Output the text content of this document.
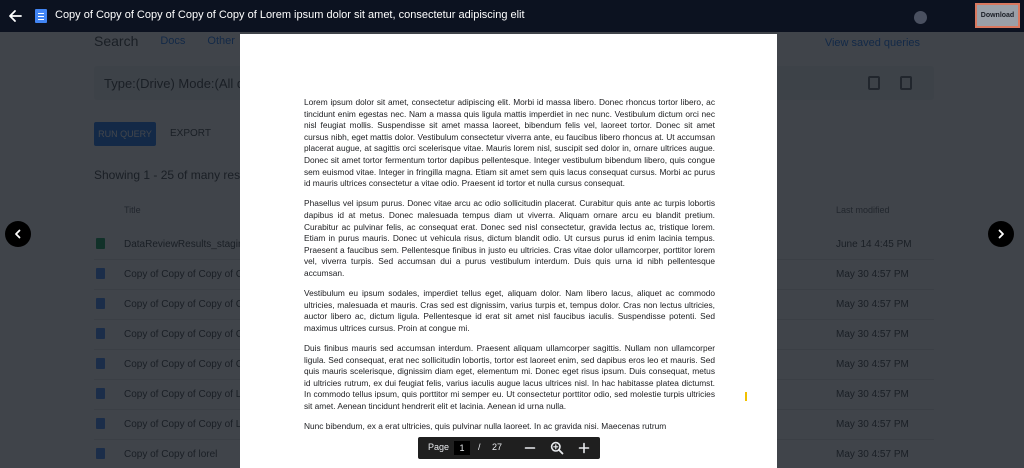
Copy of Copy of Copy of Copy of Copy of Lorem ipsum dolor sit amet, consectetur adipiscing elit	Download

Lorem ipsum dolor sit amet, consectetur adipiscing elit. Morbi id massa libero. Donec rhoncus tortor libero, ac tincidunt enim egestas nec. Nam a massa quis ligula mattis imperdiet in nec nunc. Vestibulum dictum orci nec nisl feugiat mollis. Suspendisse sit amet massa laoreet, bibendum felis vel, laoreet tortor. Donec sit amet cursus nibh, eget mattis dolor. Vestibulum consectetur viverra ante, eu faucibus libero rhoncus at. Ut accumsan placerat augue, at sagittis orci scelerisque vitae. Mauris lorem nisl, suscipit sed dolor in, ornare ultrices augue. Donec sit amet tortor fermentum tortor dapibus pellentesque. Integer vestibulum bibendum libero, quis congue sem euismod vitae. Integer in fringilla magna. Etiam sit amet sem quis lacus consequat cursus. Morbi ac purus id mauris ultrices consectetur a vitae odio. Praesent id tortor et nulla cursus consequat.

Phasellus vel ipsum purus. Donec vitae arcu ac odio sollicitudin placerat. Curabitur quis ante ac turpis lobortis dapibus id at metus. Donec malesuada tempus diam ut viverra. Aliquam ornare arcu eu blandit pretium. Curabitur ac pulvinar felis, ac consequat erat. Donec sed nisl consectetur, gravida lectus ac, tristique lorem. Etiam in purus mauris. Donec ut vehicula risus, dictum blandit odio. Ut cursus purus id enim lacinia tempus. Praesent a faucibus sem. Pellentesque finibus in justo eu ultricies. Cras vitae dolor ullamcorper, porttitor lorem vel, viverra turpis. Sed accumsan dui a purus vestibulum interdum. Duis quis urna id nibh pellentesque accumsan.

Vestibulum eu ipsum sodales, imperdiet tellus eget, aliquam dolor. Nam libero lacus, aliquet ac commodo ultricies, malesuada et mauris. Cras sed est dignissim, varius turpis et, tempus dolor. Cras non lectus ultricies, auctor libero ac, dictum ligula. Pellentesque id erat sit amet nisl faucibus iaculis. Suspendisse potenti. Sed maximus ultrices cursus. Proin at congue mi.

Duis finibus mauris sed accumsan interdum. Praesent aliquam ullamcorper sagittis. Nullam non ullamcorper ligula. Sed consequat, erat nec sollicitudin lobortis, tortor est laoreet enim, sed dapibus eros leo et mauris. Sed quis mauris scelerisque, dignissim diam eget, elementum mi. Donec eget risus ipsum. Duis consequat, metus id ultricies rutrum, ex dui feugiat felis, varius iaculis augue lacus ultrices nisl. In hac habitasse platea dictumst. In commodo tellus ipsum, quis porttitor mi semper eu. Ut consectetur porttitor odio, sed molestie turpis ultricies sit amet. Aenean tincidunt hendrerit elit et lacinia. Aenean id urna nulla.

Nunc bibendum, ex a erat ultricies, quis pulvinar nulla laoreet. In ac gravida nisi. Maecenas rutrum

Page	1	/ 27
